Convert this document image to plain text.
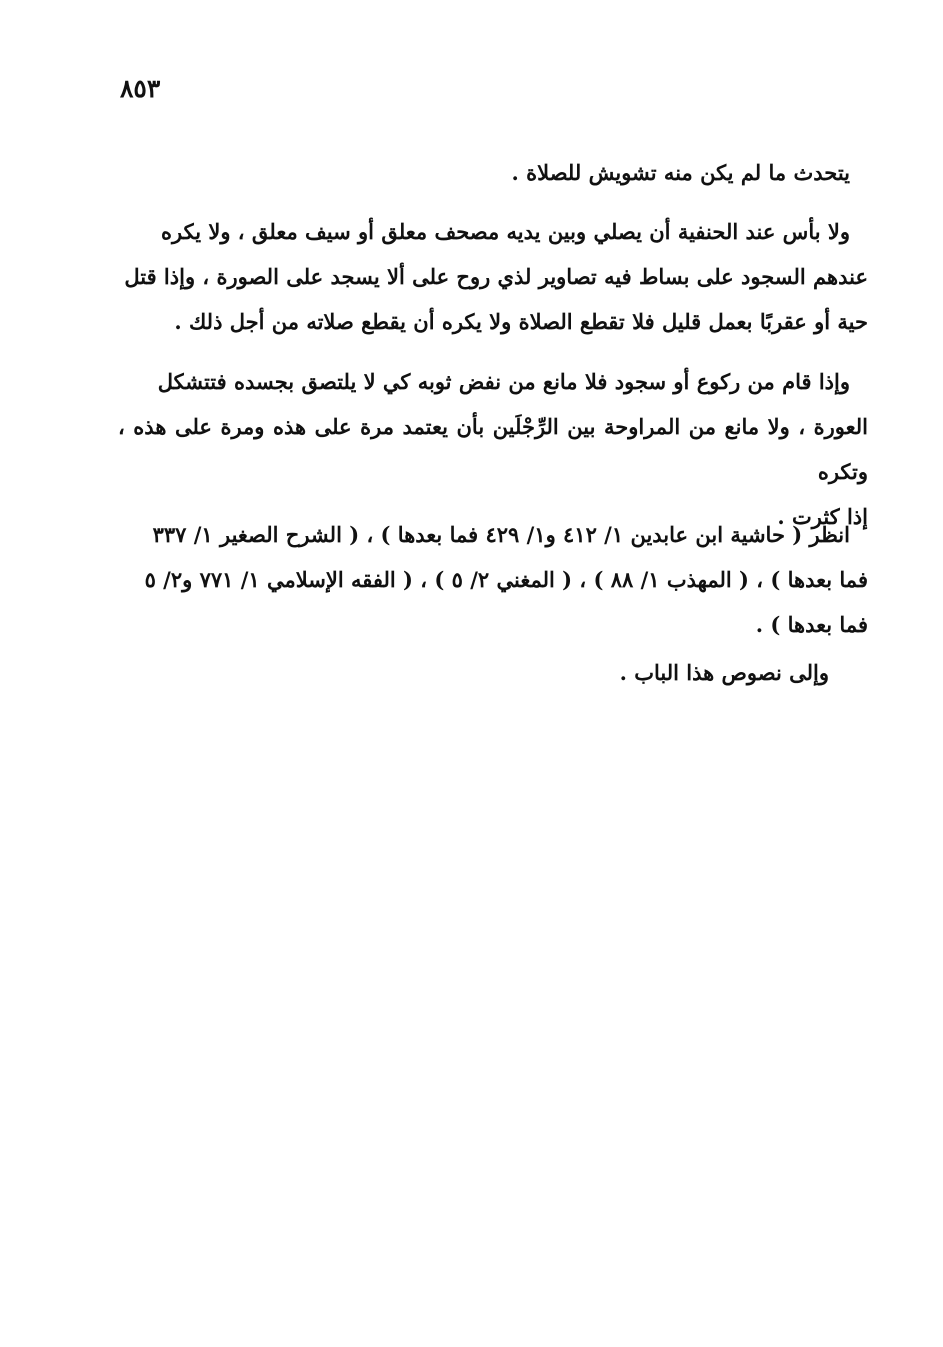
٨٥٣
يتحدث ما لم يكن منه تشويش للصلاة .
ولا بأس عند الحنفية أن يصلي وبين يديه مصحف معلق أو سيف معلق ، ولا يكره
عندهم السجود على بساط فيه تصاوير لذي روح على ألا يسجد على الصورة ، وإذا قتل
حية أو عقربًا بعمل قليل فلا تقطع الصلاة ولا يكره أن يقطع صلاته من أجل ذلك .
وإذا قام من ركوع أو سجود فلا مانع من نفض ثوبه كي لا يلتصق بجسده فتتشكل
العورة ، ولا مانع من المراوحة بين الرِّجْلَين بأن يعتمد مرة على هذه ومرة على هذه ، وتكره
إذا كثرت .
انظر ( حاشية ابن عابدين ١/ ٤١٢ و١/ ٤٢٩ فما بعدها ) ، ( الشرح الصغير ١/ ٣٣٧
فما بعدها ) ، ( المهذب ١/ ٨٨ ) ، ( المغني ٢/ ٥ ) ، ( الفقه الإسلامي ١/ ٧٧١ و٢/ ٥
فما بعدها ) .
وإلى نصوص هذا الباب .
